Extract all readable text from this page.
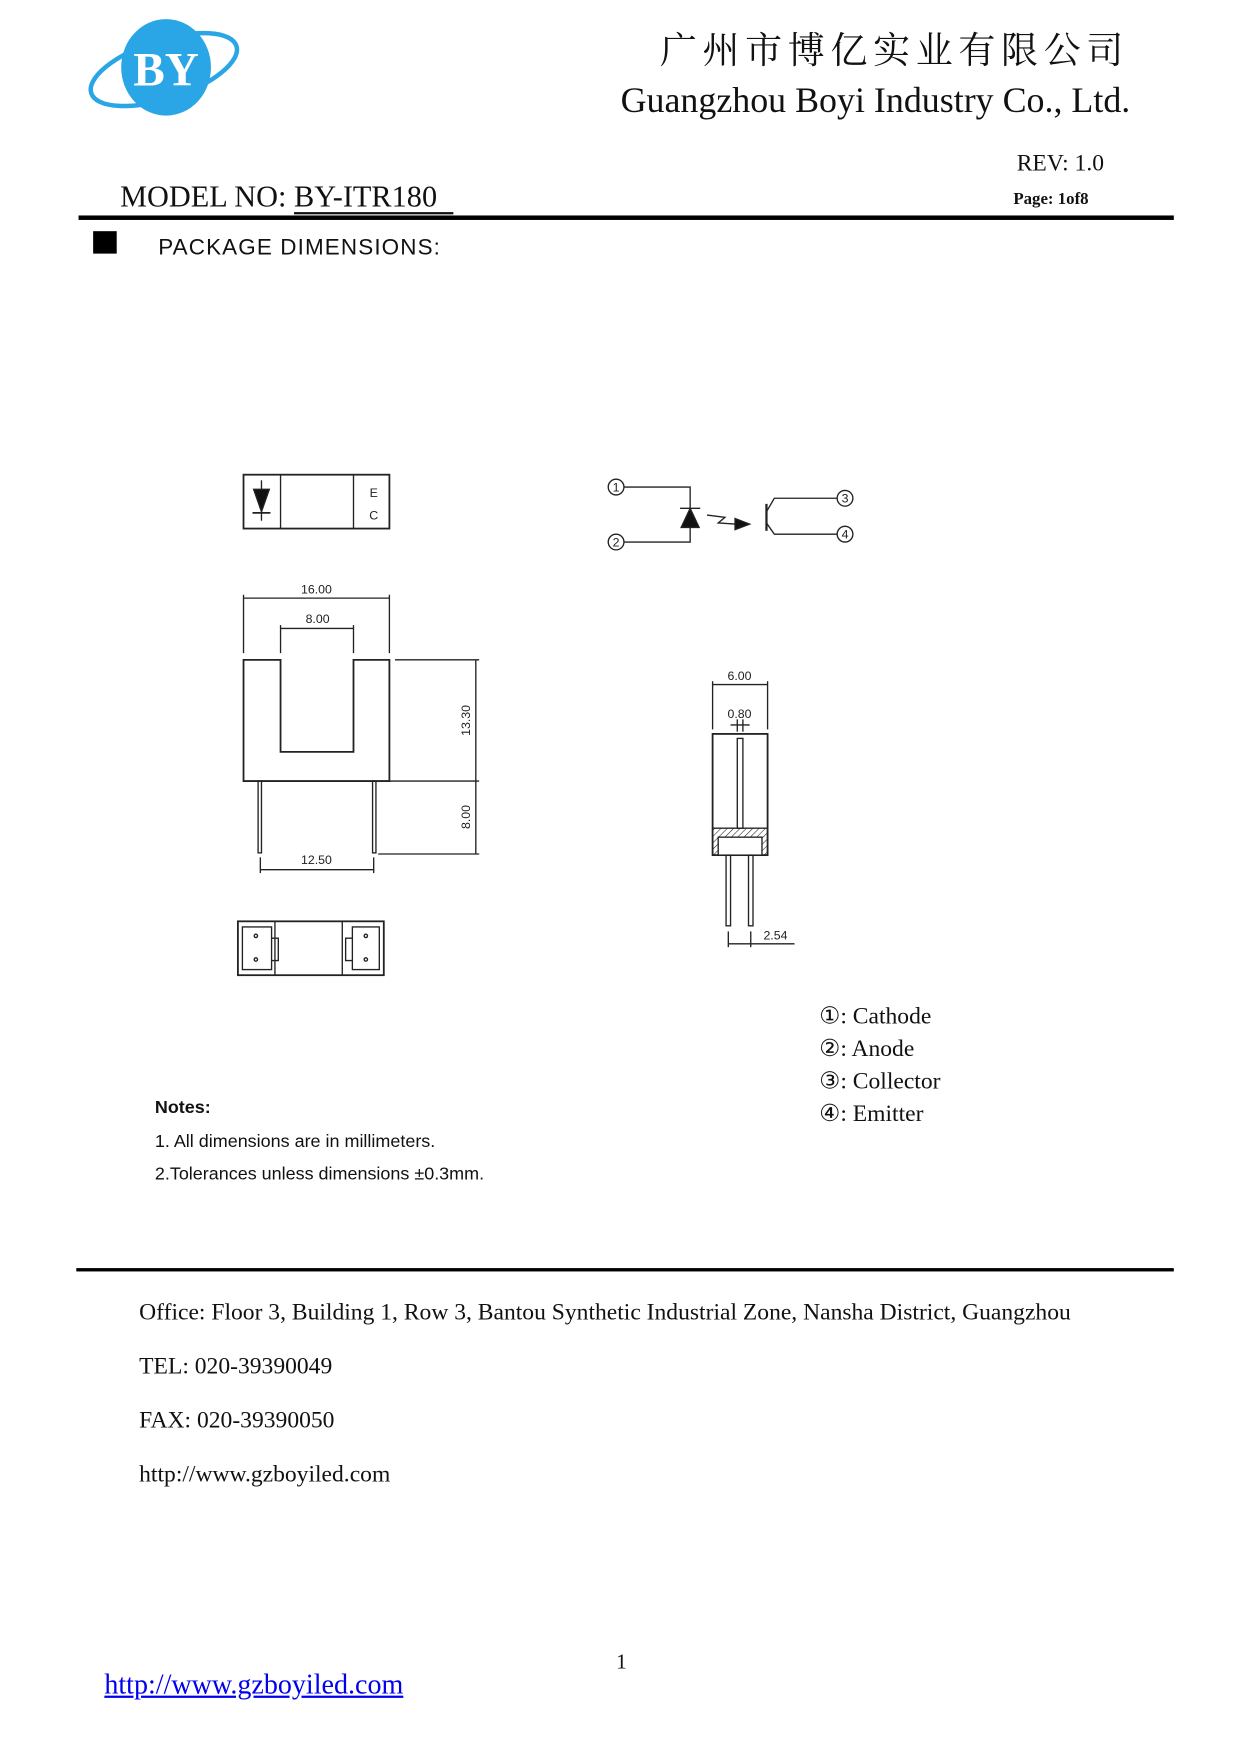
BY	广州市博亿实业有限公司
Guangzhou Boyi Industry Co., Ltd.
REV: 1.0
MODEL NO: BY-ITR180	Page: 1of8
PACKAGE DIMENSIONS:
E
C
1
2
3
4
16.00
8.00
13.30
8.00
12.50
6.00
0.80
2.54
①: Cathode
②: Anode
③: Collector
④: Emitter
Notes:
1. All dimensions are in millimeters.
2.Tolerances unless dimensions ±0.3mm.
Office: Floor 3, Building 1, Row 3, Bantou Synthetic Industrial Zone, Nansha District, Guangzhou
TEL: 020-39390049
FAX: 020-39390050
http://www.gzboyiled.com
1
http://www.gzboyiled.com
